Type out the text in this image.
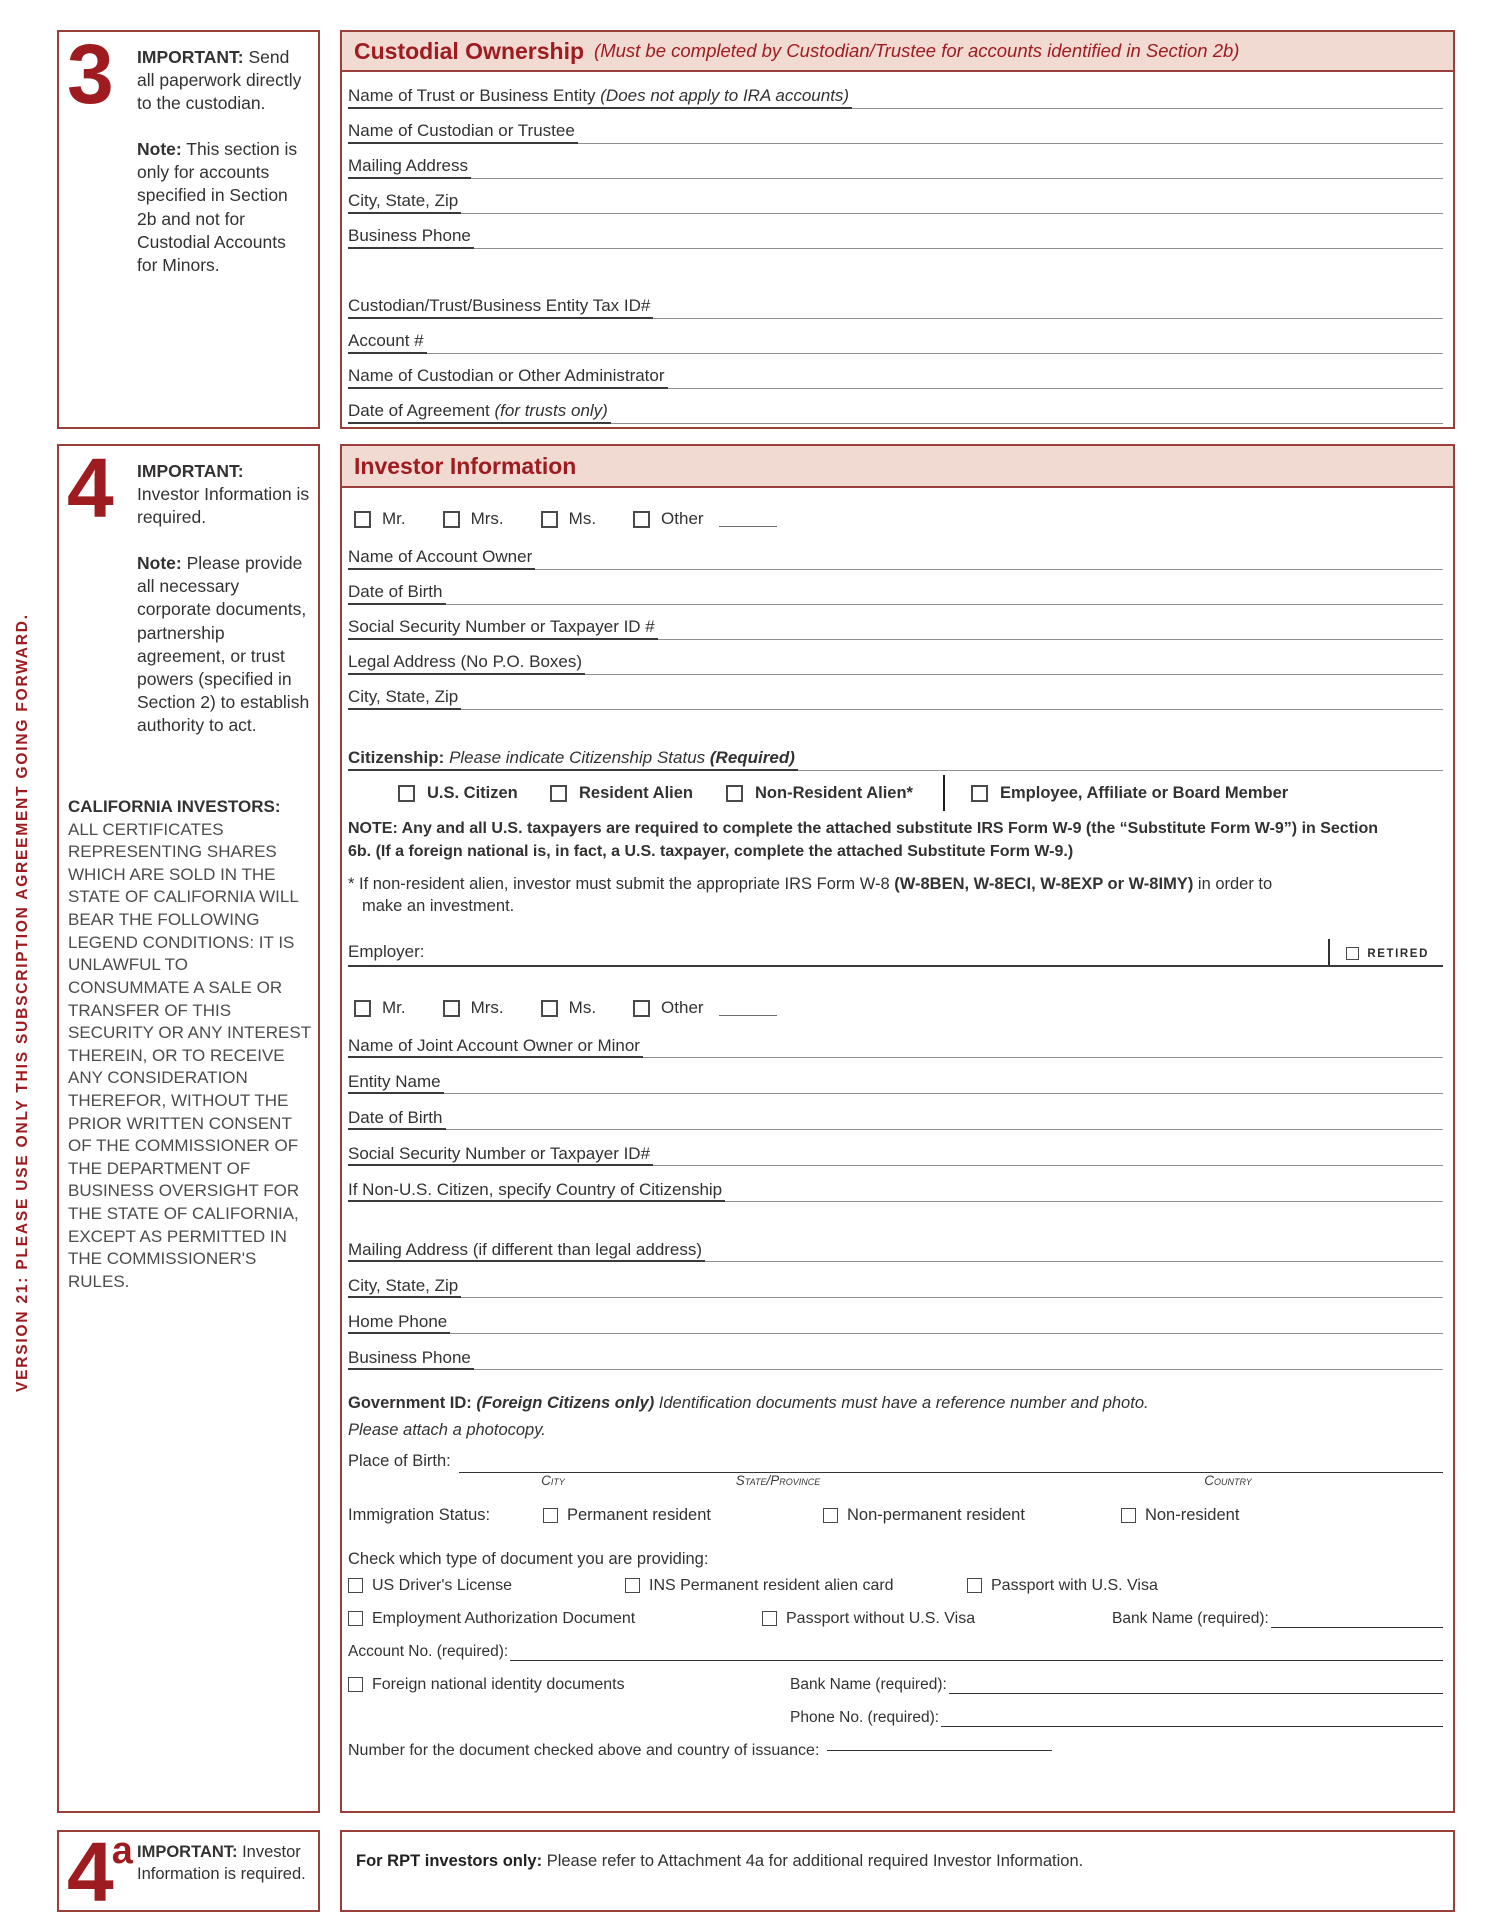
VERSION 21: PLEASE USE ONLY THIS SUBSCRIPTION AGREEMENT GOING FORWARD.
3	IMPORTANT: Send all paperwork directly to the custodian.

Note: This section is only for accounts specified in Section 2b and not for Custodial Accounts for Minors.

Custodial Ownership (Must be completed by Custodian/Trustee for accounts identified in Section 2b)
Name of Trust or Business Entity (Does not apply to IRA accounts)
Name of Custodian or Trustee
Mailing Address
City, State, Zip
Business Phone
Custodian/Trust/Business Entity Tax ID#
Account #
Name of Custodian or Other Administrator
Date of Agreement (for trusts only)
4	IMPORTANT: Investor Information is required.

Note: Please provide all necessary corporate documents, partnership agreement, or trust powers (specified in Section 2) to establish authority to act.

CALIFORNIA INVESTORS: ALL CERTIFICATES REPRESENTING SHARES WHICH ARE SOLD IN THE STATE OF CALIFORNIA WILL BEAR THE FOLLOWING LEGEND CONDITIONS: IT IS UNLAWFUL TO CONSUMMATE A SALE OR TRANSFER OF THIS SECURITY OR ANY INTEREST THEREIN, OR TO RECEIVE ANY CONSIDERATION THEREFOR, WITHOUT THE PRIOR WRITTEN CONSENT OF THE COMMISSIONER OF THE DEPARTMENT OF BUSINESS OVERSIGHT FOR THE STATE OF CALIFORNIA, EXCEPT AS PERMITTED IN THE COMMISSIONER'S RULES.
Investor Information
Mr.	Mrs.	Ms.	Other
Name of Account Owner
Date of Birth
Social Security Number or Taxpayer ID #
Legal Address (No P.O. Boxes)
City, State, Zip
Citizenship: Please indicate Citizenship Status (Required)
U.S. Citizen	Resident Alien	Non-Resident Alien*	Employee, Affiliate or Board Member
NOTE: Any and all U.S. taxpayers are required to complete the attached substitute IRS Form W-9 (the “Substitute Form W-9”) in Section 6b. (If a foreign national is, in fact, a U.S. taxpayer, complete the attached Substitute Form W-9.)
* If non-resident alien, investor must submit the appropriate IRS Form W-8 (W-8BEN, W-8ECI, W-8EXP or W-8IMY) in order to make an investment.
Employer:	RETIRED
Mr.	Mrs.	Ms.	Other
Name of Joint Account Owner or Minor
Entity Name
Date of Birth
Social Security Number or Taxpayer ID#
If Non-U.S. Citizen, specify Country of Citizenship
Mailing Address (if different than legal address)
City, State, Zip
Home Phone
Business Phone
Government ID: (Foreign Citizens only) Identification documents must have a reference number and photo.
Please attach a photocopy.
Place of Birth:
City	State/Province	Country
Immigration Status:	Permanent resident	Non-permanent resident	Non-resident
Check which type of document you are providing:
US Driver's License	INS Permanent resident alien card	Passport with U.S. Visa
Employment Authorization Document	Passport without U.S. Visa	Bank Name (required):
Account No. (required):
Foreign national identity documents	Bank Name (required):
Phone No. (required):
Number for the document checked above and country of issuance:
4$^a$ IMPORTANT: Investor Information is required.

For RPT investors only: Please refer to Attachment 4a for additional required Investor Information.
